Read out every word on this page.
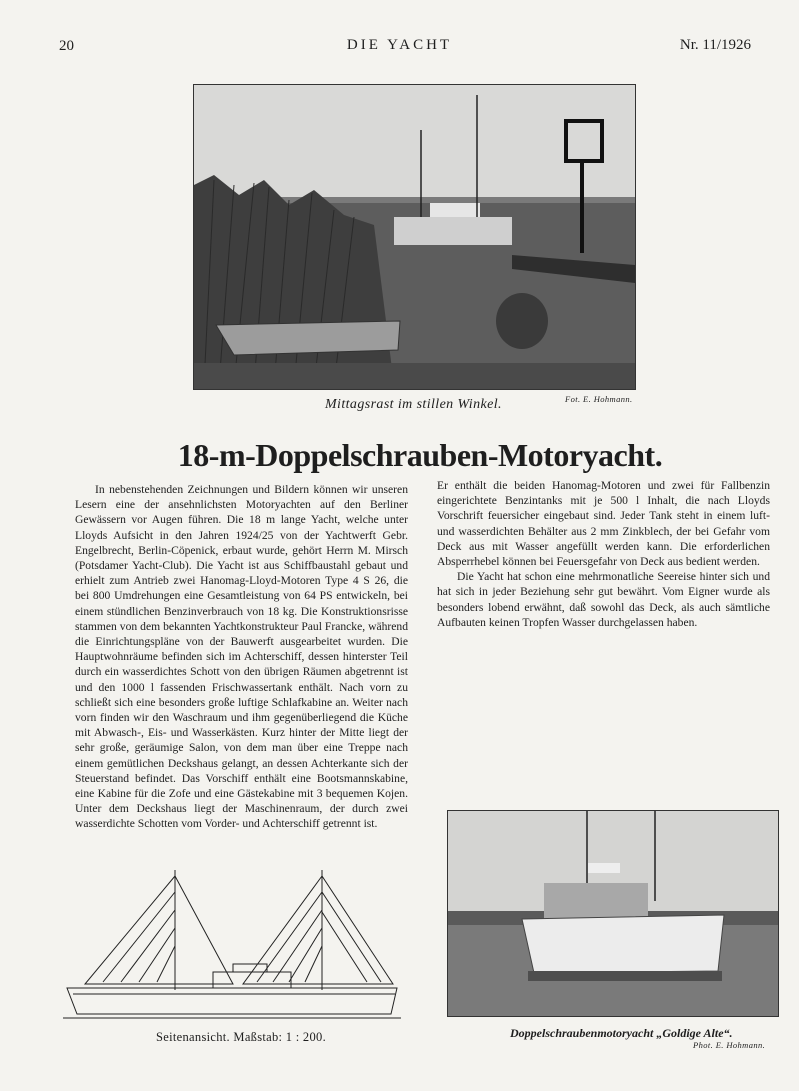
20	DIE YACHT	Nr. 11/1926
Mittagsrast im stillen Winkel.	Fot. E. Hohmann.
18-m-Doppelschrauben-Motoryacht.

In nebenstehenden Zeichnungen und Bildern können wir unseren Lesern eine der ansehnlichsten Motoryachten auf den Berliner Gewässern vor Augen führen. Die 18 m lange Yacht, welche unter Lloyds Aufsicht in den Jahren 1924/25 von der Yachtwerft Gebr. Engelbrecht, Berlin-Cöpenick, erbaut wurde, gehört Herrn M. Mirsch (Potsdamer Yacht-Club). Die Yacht ist aus Schiffbaustahl gebaut und erhielt zum Antrieb zwei Hanomag-Lloyd-Motoren Type 4 S 26, die bei 800 Umdrehungen eine Gesamtleistung von 64 PS entwickeln, bei einem stündlichen Benzinverbrauch von 18 kg. Die Konstruktionsrisse stammen von dem bekannten Yachtkonstrukteur Paul Francke, während die Einrichtungspläne von der Bauwerft ausgearbeitet wurden. Die Hauptwohnräume befinden sich im Achterschiff, dessen hinterster Teil durch ein wasserdichtes Schott von den übrigen Räumen abgetrennt ist und den 1000 l fassenden Frischwassertank enthält. Nach vorn zu schließt sich eine besonders große luftige Schlafkabine an. Weiter nach vorn finden wir den Waschraum und ihm gegenüberliegend die Küche mit Abwasch-, Eis- und Wasserkästen. Kurz hinter der Mitte liegt der sehr große, geräumige Salon, von dem man über eine Treppe nach einem gemütlichen Deckshaus gelangt, an dessen Achterkante sich der Steuerstand befindet. Das Vorschiff enthält eine Bootsmannskabine, eine Kabine für die Zofe und eine Gästekabine mit 3 bequemen Kojen. Unter dem Deckshaus liegt der Maschinenraum, der durch zwei wasserdichte Schotten vom Vorder- und Achterschiff getrennt ist.

Er enthält die beiden Hanomag-Motoren und zwei für Fallbenzin eingerichtete Benzintanks mit je 500 l Inhalt, die nach Lloyds Vorschrift feuersicher eingebaut sind. Jeder Tank steht in einem luft- und wasserdichten Behälter aus 2 mm Zinkblech, der bei Gefahr vom Deck aus mit Wasser angefüllt werden kann. Die erforderlichen Absperrhebel können bei Feuersgefahr von Deck aus bedient werden.

Die Yacht hat schon eine mehrmonatliche Seereise hinter sich und hat sich in jeder Beziehung sehr gut bewährt. Vom Eigner wurde als besonders lobend erwähnt, daß sowohl das Deck, als auch sämtliche Aufbauten keinen Tropfen Wasser durchgelassen haben.

Seitenansicht. Maßstab: 1 : 200.	Doppelschraubenmotoryacht „Goldige Alte“.
Phot. E. Hohmann.
